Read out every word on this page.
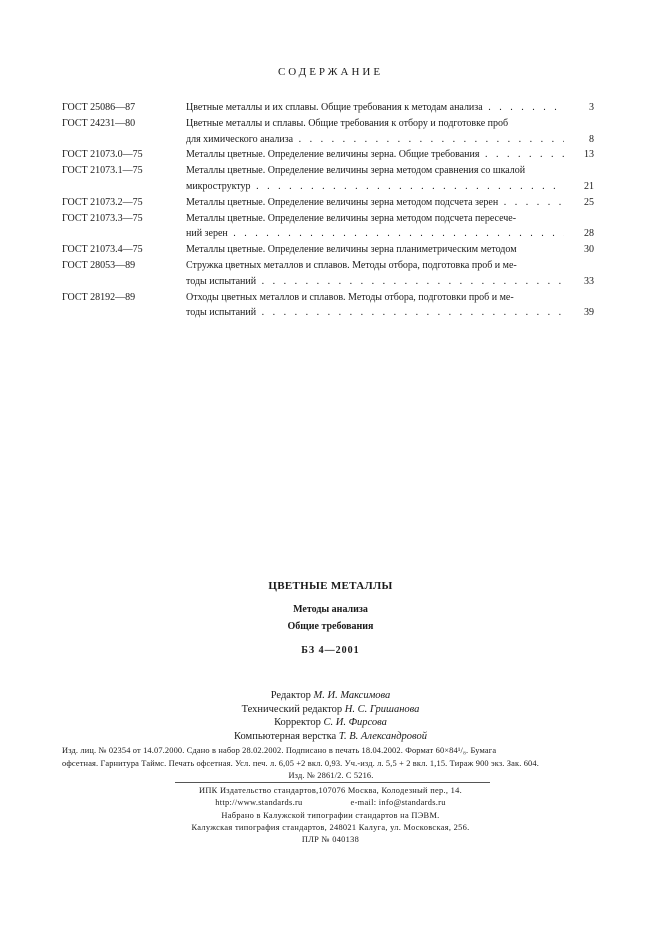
СОДЕРЖАНИЕ
ГОСТ 25086—87	Цветные металлы и их сплавы. Общие требования к методам анализа . . .	3
ГОСТ 24231—80	Цветные металлы и сплавы. Общие требования к отбору и подготовке проб
для химического анализа . . .	8
ГОСТ 21073.0—75	Металлы цветные. Определение величины зерна. Общие требования . . .	13
ГОСТ 21073.1—75	Металлы цветные. Определение величины зерна методом сравнения со шкалой
микроструктур . . .	21
ГОСТ 21073.2—75	Металлы цветные. Определение величины зерна методом подсчета зерен . . .	25
ГОСТ 21073.3—75	Металлы цветные. Определение величины зерна методом подсчета пересече-
ний зерен . . .	28
ГОСТ 21073.4—75	Металлы цветные. Определение величины зерна планиметрическим методом	30
ГОСТ 28053—89	Стружка цветных металлов и сплавов. Методы отбора, подготовка проб и ме-
тоды испытаний . . .	33
ГОСТ 28192—89	Отходы цветных металлов и сплавов. Методы отбора, подготовки проб и ме-
тоды испытаний . . .	39
ЦВЕТНЫЕ МЕТАЛЛЫ
Методы анализа
Общие требования
БЗ 4—2001
Редактор М. И. Максимова
Технический редактор Н. С. Гришанова
Корректор С. И. Фирсова
Компьютерная верстка Т. В. Александровой
Изд. лиц. № 02354 от 14.07.2000. Сдано в набор 28.02.2002. Подписано в печать 18.04.2002. Формат 60×84¹/₈. Бумага
офсетная. Гарнитура Таймс. Печать офсетная. Усл. печ. л. 6,05 +2 вкл. 0,93. Уч.-изд. л. 5,5 + 2 вкл. 1,15. Тираж 900 экз. Зак. 604.
Изд. № 2861/2. С 5216.
ИПК Издательство стандартов,107076 Москва, Колодезный пер., 14.
http://www.standards.ru	e-mail: info@standards.ru
Набрано в Калужской типографии стандартов на ПЭВМ.
Калужская типография стандартов, 248021 Калуга, ул. Московская, 256.
ПЛР № 040138
